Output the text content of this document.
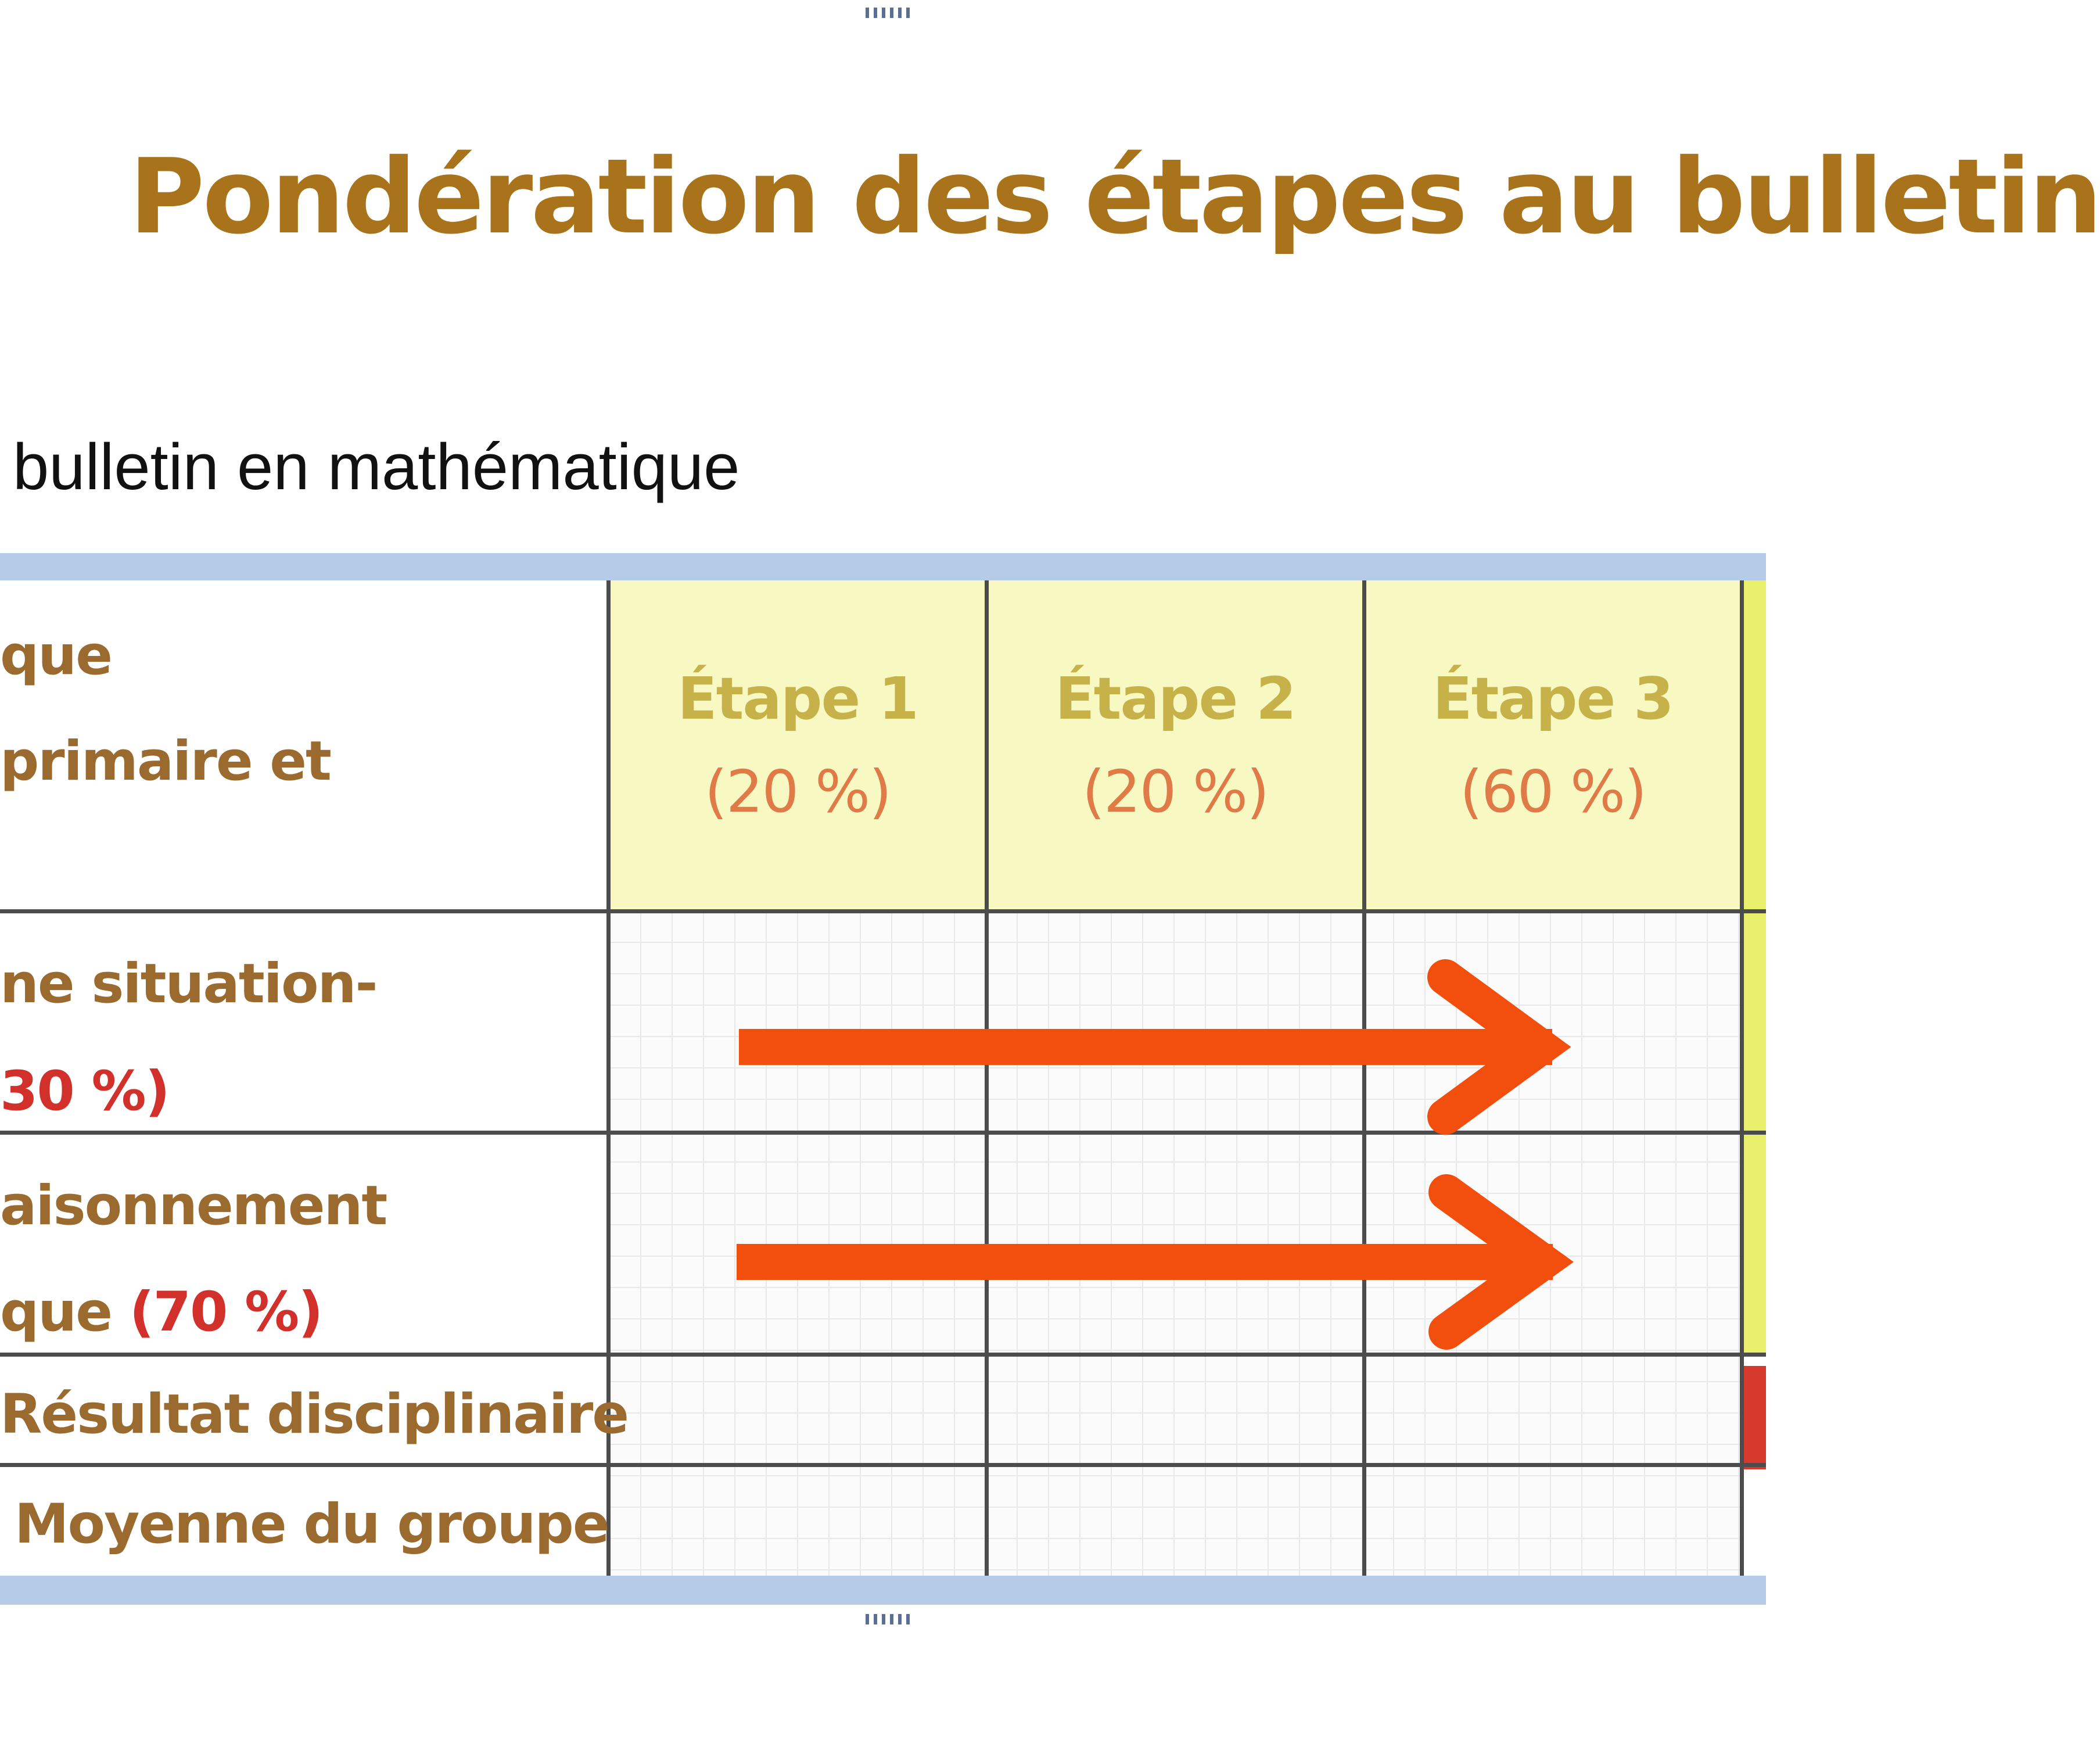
Pondération des étapes au bulletin
bulletin en mathématique
que
primaire et
Étape 1
(20 %)
Étape 2
(20 %)
Étape 3
(60 %)
ne situation-
30 %)
aisonnement
que (70 %)
Résultat disciplinaire
Moyenne du groupe
